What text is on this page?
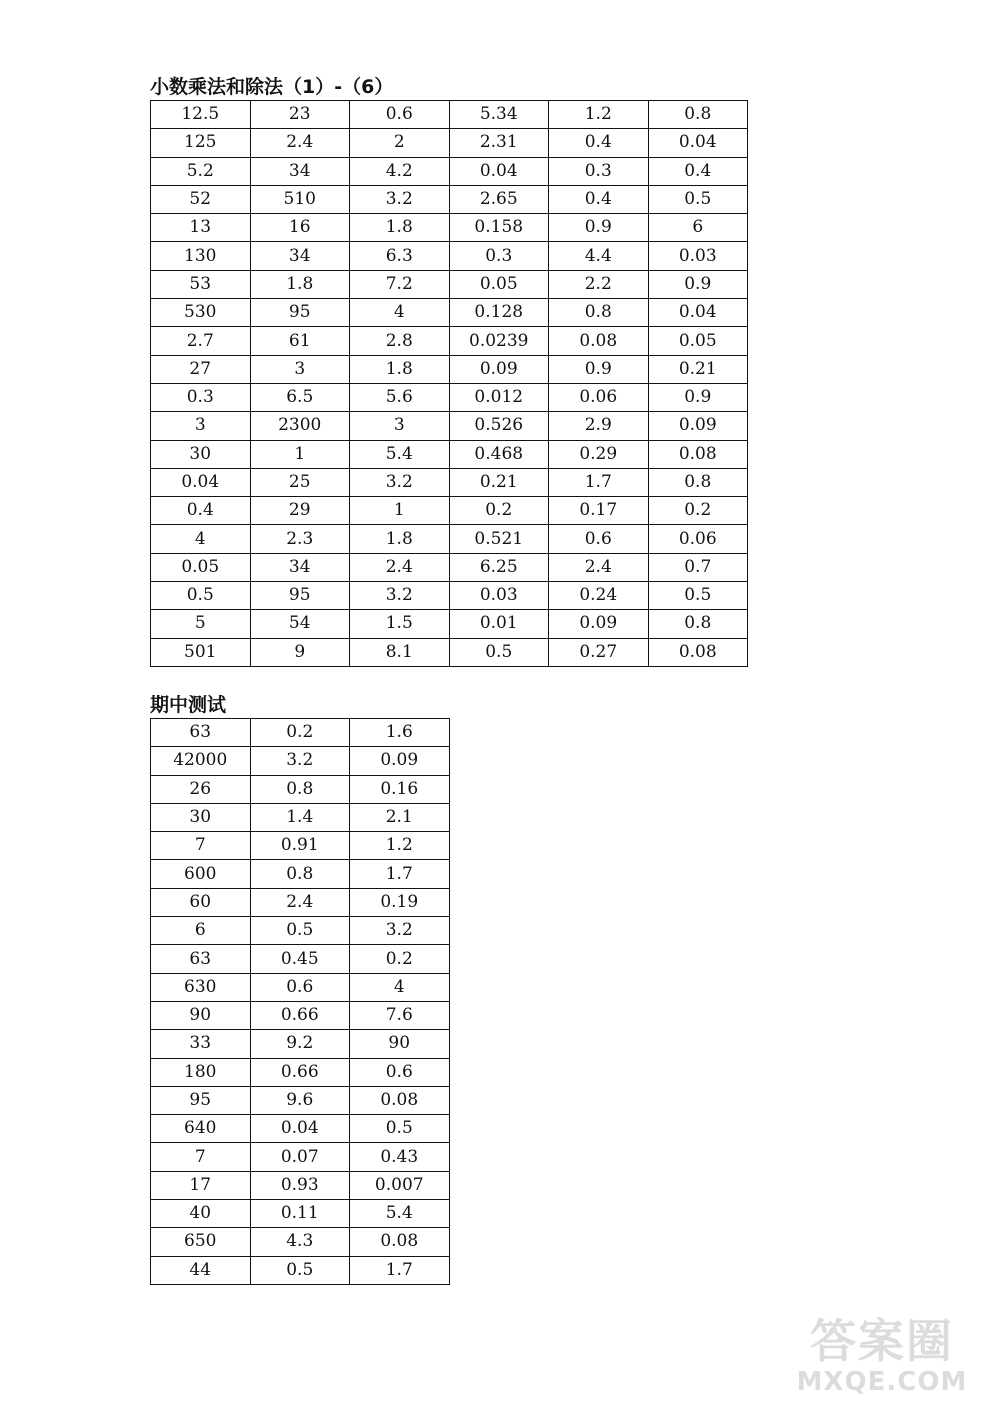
小数乘法和除法（1）-（6）
12.5	23	0.6	5.34	1.2	0.8
125	2.4	2	2.31	0.4	0.04
5.2	34	4.2	0.04	0.3	0.4
52	510	3.2	2.65	0.4	0.5
13	16	1.8	0.158	0.9	6
130	34	6.3	0.3	4.4	0.03
53	1.8	7.2	0.05	2.2	0.9
530	95	4	0.128	0.8	0.04
2.7	61	2.8	0.0239	0.08	0.05
27	3	1.8	0.09	0.9	0.21
0.3	6.5	5.6	0.012	0.06	0.9
3	2300	3	0.526	2.9	0.09
30	1	5.4	0.468	0.29	0.08
0.04	25	3.2	0.21	1.7	0.8
0.4	29	1	0.2	0.17	0.2
4	2.3	1.8	0.521	0.6	0.06
0.05	34	2.4	6.25	2.4	0.7
0.5	95	3.2	0.03	0.24	0.5
5	54	1.5	0.01	0.09	0.8
501	9	8.1	0.5	0.27	0.08
期中测试
63	0.2	1.6
42000	3.2	0.09
26	0.8	0.16
30	1.4	2.1
7	0.91	1.2
600	0.8	1.7
60	2.4	0.19
6	0.5	3.2
63	0.45	0.2
630	0.6	4
90	0.66	7.6
33	9.2	90
180	0.66	0.6
95	9.6	0.08
640	0.04	0.5
7	0.07	0.43
17	0.93	0.007
40	0.11	5.4
650	4.3	0.08
44	0.5	1.7
答案圈
MXQE.COM
